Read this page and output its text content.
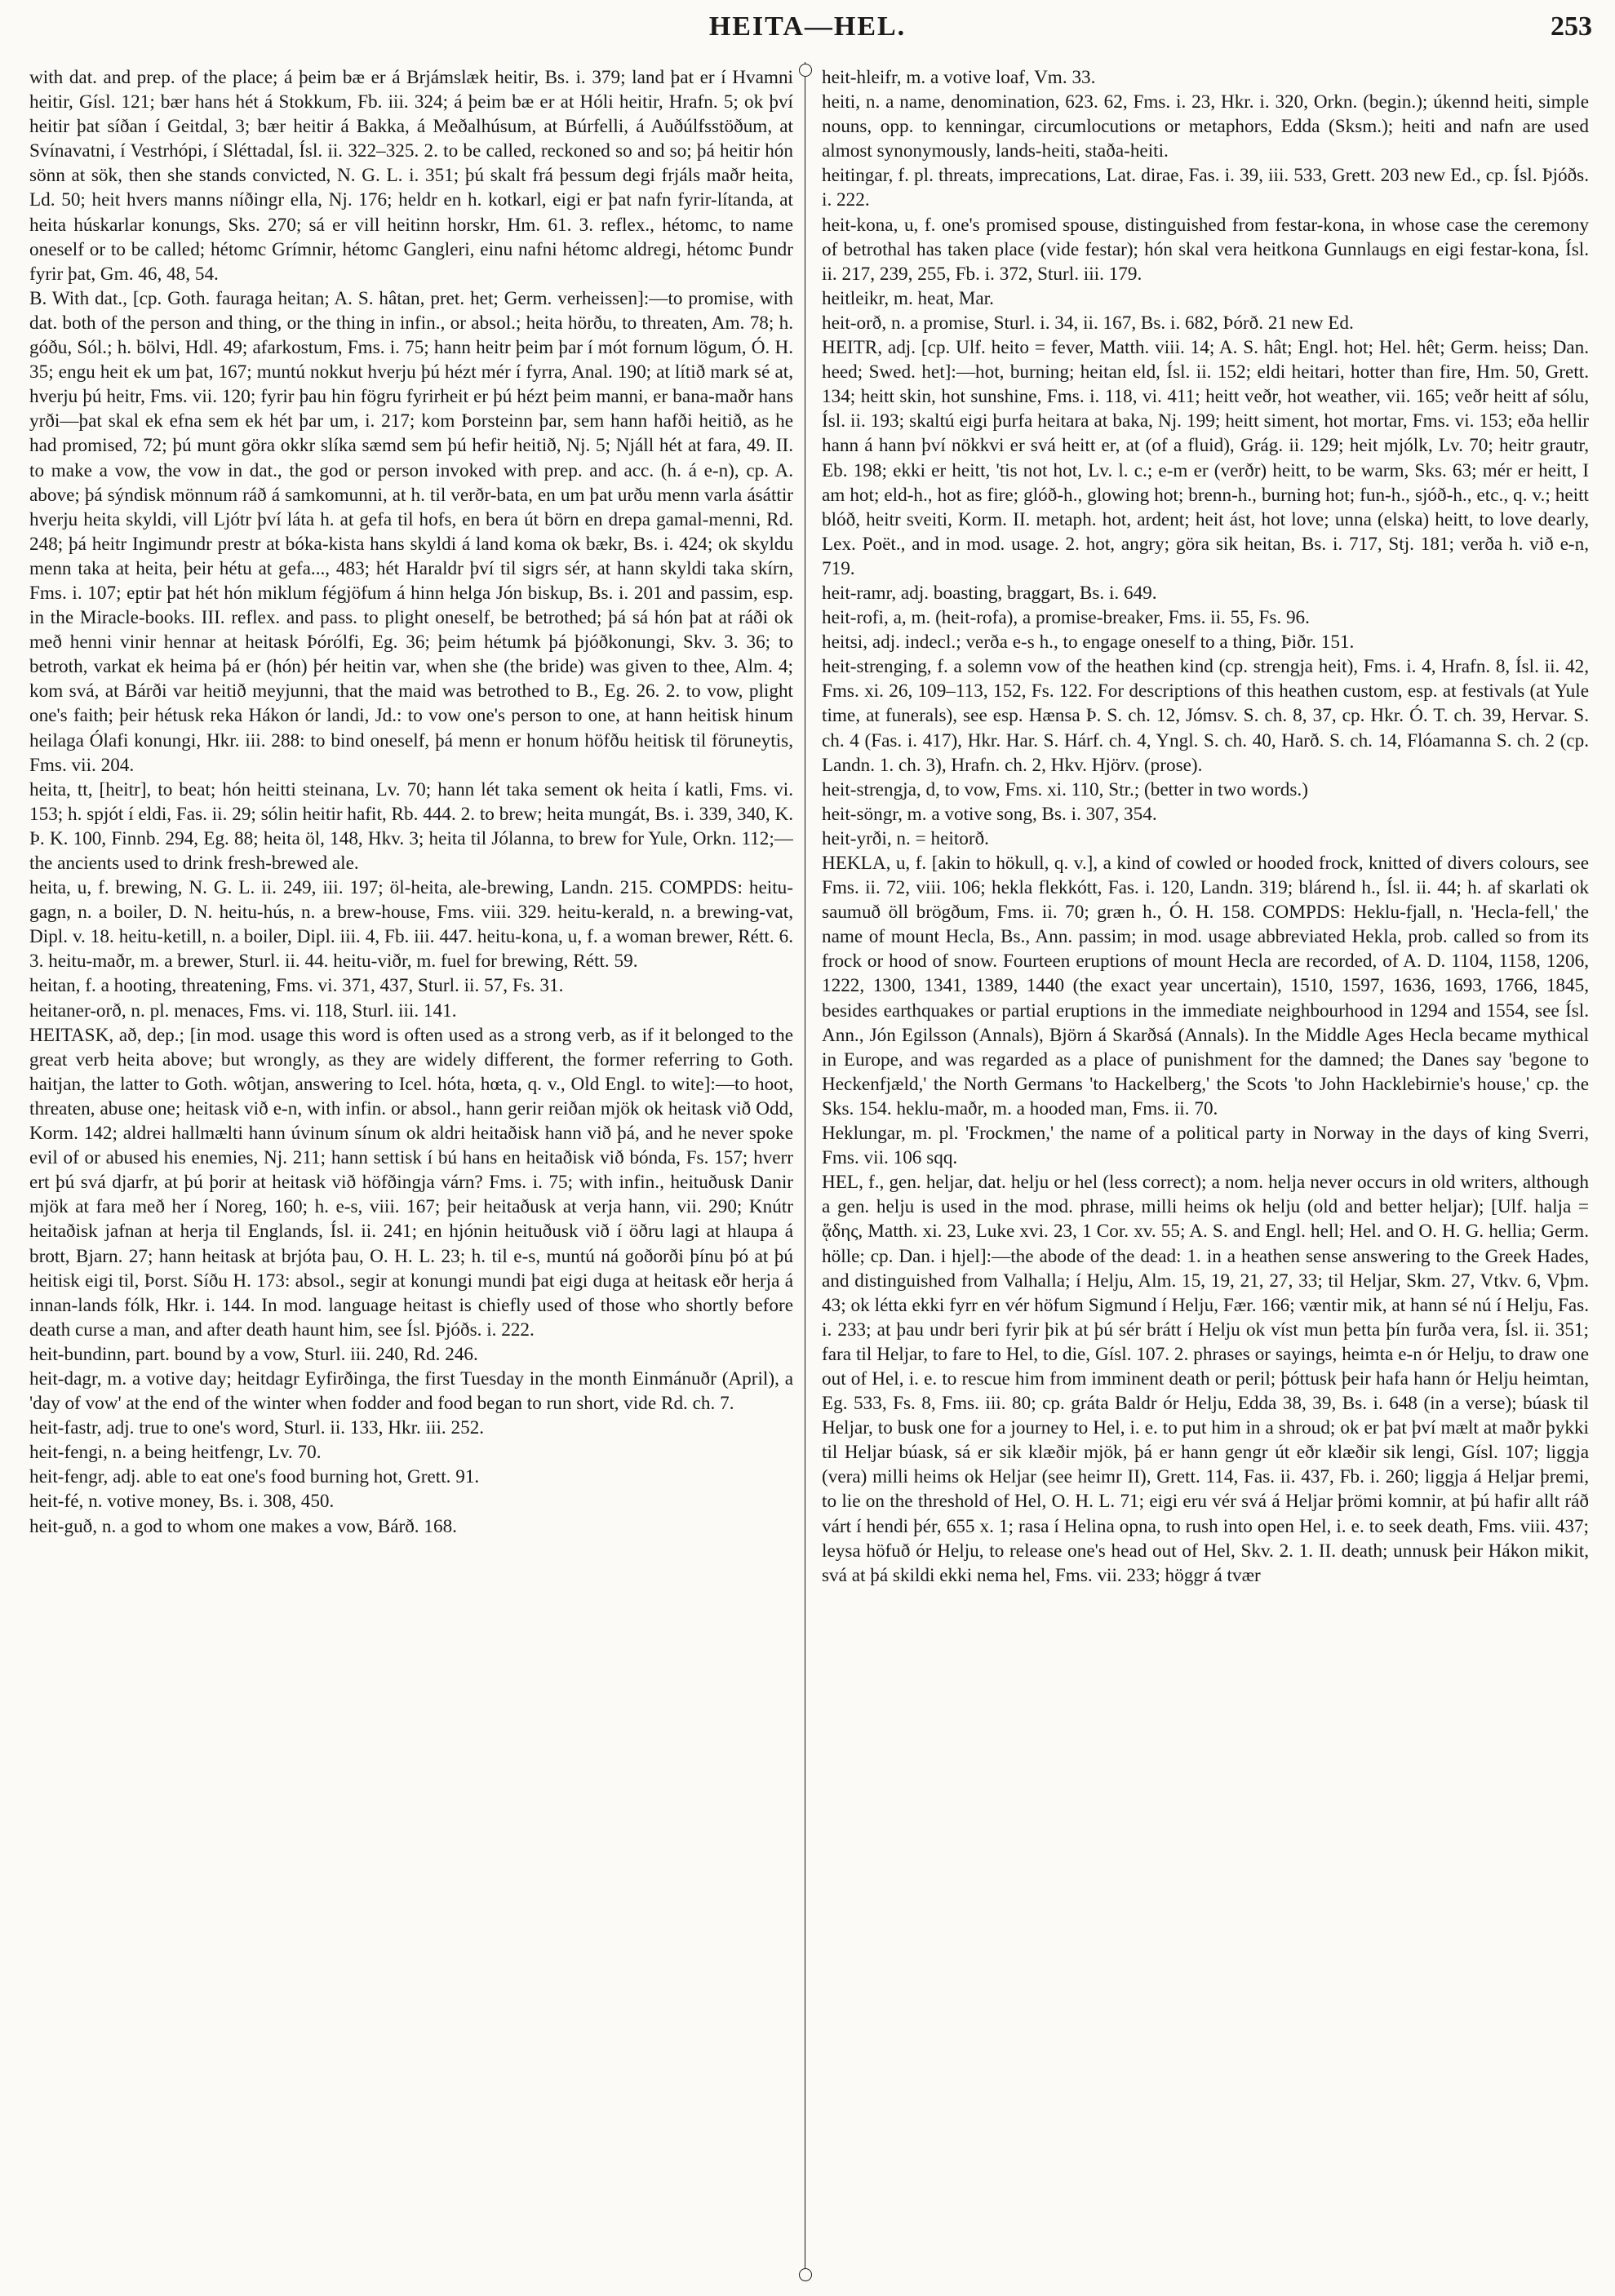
HEITA—HEL.	253

with dat. and prep. of the place; á þeim bæ er á Brjámslæk heitir, Bs. i. 379; land þat er í Hvamni heitir, Gísl. 121; bær hans hét á Stokkum, Fb. iii. 324; á þeim bæ er at Hóli heitir, Hrafn. 5; ok því heitir þat síðan í Geitdal, 3; bær heitir á Bakka, á Meðalhúsum, at Búrfelli, á Auðúlfsstöðum, at Svínavatni, í Vestrhópi, í Sléttadal, Ísl. ii. 322–325. 2. to be called, reckoned so and so; þá heitir hón sönn at sök, then she stands convicted, N. G. L. i. 351; þú skalt frá þessum degi frjáls maðr heita, Ld. 50; heit hvers manns níðingr ella, Nj. 176; heldr en h. kotkarl, eigi er þat nafn fyrir-lítanda, at heita húskarlar konungs, Sks. 270; sá er vill heitinn horskr, Hm. 61. 3. reflex., hétomc, to name oneself or to be called; hétomc Grímnir, hétomc Gangleri, einu nafni hétomc aldregi, hétomc Þundr fyrir þat, Gm. 46, 48, 54.

B. With dat., [cp. Goth. fauraga heitan; A. S. hâtan, pret. het; Germ. verheissen]:—to promise, with dat. both of the person and thing, or the thing in infin., or absol.; heita hörðu, to threaten, Am. 78; h. góðu, Sól.; h. bölvi, Hdl. 49; afarkostum, Fms. i. 75; hann heitr þeim þar í mót fornum lögum, Ó. H. 35; engu heit ek um þat, 167; muntú nokkut hverju þú hézt mér í fyrra, Anal. 190; at lítið mark sé at, hverju þú heitr, Fms. vii. 120; fyrir þau hin fögru fyrirheit er þú hézt þeim manni, er bana-maðr hans yrði—þat skal ek efna sem ek hét þar um, i. 217; kom Þorsteinn þar, sem hann hafði heitið, as he had promised, 72; þú munt göra okkr slíka sæmd sem þú hefir heitið, Nj. 5; Njáll hét at fara, 49. II. to make a vow, the vow in dat., the god or person invoked with prep. and acc. (h. á e-n), cp. A. above; þá sýndisk mönnum ráð á samkomunni, at h. til verðr-bata, en um þat urðu menn varla ásáttir hverju heita skyldi, vill Ljótr því láta h. at gefa til hofs, en bera út börn en drepa gamal-menni, Rd. 248; þá heitr Ingimundr prestr at bóka-kista hans skyldi á land koma ok bækr, Bs. i. 424; ok skyldu menn taka at heita, þeir hétu at gefa..., 483; hét Haraldr því til sigrs sér, at hann skyldi taka skírn, Fms. i. 107; eptir þat hét hón miklum fégjöfum á hinn helga Jón biskup, Bs. i. 201 and passim, esp. in the Miracle-books. III. reflex. and pass. to plight oneself, be betrothed; þá sá hón þat at ráði ok með henni vinir hennar at heitask Þórólfi, Eg. 36; þeim hétumk þá þjóðkonungi, Skv. 3. 36; to betroth, varkat ek heima þá er (hón) þér heitin var, when she (the bride) was given to thee, Alm. 4; kom svá, at Bárði var heitið meyjunni, that the maid was betrothed to B., Eg. 26. 2. to vow, plight one's faith; þeir hétusk reka Hákon ór landi, Jd.: to vow one's person to one, at hann heitisk hinum heilaga Ólafi konungi, Hkr. iii. 288: to bind oneself, þá menn er honum höfðu heitisk til föruneytis, Fms. vii. 204.

heita, tt, [heitr], to beat; hón heitti steinana, Lv. 70; hann lét taka sement ok heita í katli, Fms. vi. 153; h. spjót í eldi, Fas. ii. 29; sólin heitir hafit, Rb. 444. 2. to brew; heita mungát, Bs. i. 339, 340, K. Þ. K. 100, Finnb. 294, Eg. 88; heita öl, 148, Hkv. 3; heita til Jólanna, to brew for Yule, Orkn. 112;—the ancients used to drink fresh-brewed ale.

heita, u, f. brewing, N. G. L. ii. 249, iii. 197; öl-heita, ale-brewing, Landn. 215. COMPDS: heitu-gagn, n. a boiler, D. N. heitu-hús, n. a brew-house, Fms. viii. 329. heitu-kerald, n. a brewing-vat, Dipl. v. 18. heitu-ketill, n. a boiler, Dipl. iii. 4, Fb. iii. 447. heitu-kona, u, f. a woman brewer, Rétt. 6. 3. heitu-maðr, m. a brewer, Sturl. ii. 44. heitu-viðr, m. fuel for brewing, Rétt. 59.

heitan, f. a hooting, threatening, Fms. vi. 371, 437, Sturl. ii. 57, Fs. 31.

heitaner-orð, n. pl. menaces, Fms. vi. 118, Sturl. iii. 141.

HEITASK, að, dep.; [in mod. usage this word is often used as a strong verb, as if it belonged to the great verb heita above; but wrongly, as they are widely different, the former referring to Goth. haitjan, the latter to Goth. wôtjan, answering to Icel. hóta, hœta, q. v., Old Engl. to wite]:—to hoot, threaten, abuse one; heitask við e-n, with infin. or absol., hann gerir reiðan mjök ok heitask við Odd, Korm. 142; aldrei hallmælti hann úvinum sínum ok aldri heitaðisk hann við þá, and he never spoke evil of or abused his enemies, Nj. 211; hann settisk í bú hans en heitaðisk við bónda, Fs. 157; hverr ert þú svá djarfr, at þú þorir at heitask við höfðingja várn? Fms. i. 75; with infin., heituðusk Danir mjök at fara með her í Noreg, 160; h. e-s, viii. 167; þeir heitaðusk at verja hann, vii. 290; Knútr heitaðisk jafnan at herja til Englands, Ísl. ii. 241; en hjónin heituðusk við í öðru lagi at hlaupa á brott, Bjarn. 27; hann heitask at brjóta þau, O. H. L. 23; h. til e-s, muntú ná goðorði þínu þó at þú heitisk eigi til, Þorst. Síðu H. 173: absol., segir at konungi mundi þat eigi duga at heitask eðr herja á innan-lands fólk, Hkr. i. 144. In mod. language heitast is chiefly used of those who shortly before death curse a man, and after death haunt him, see Ísl. Þjóðs. i. 222.

heit-bundinn, part. bound by a vow, Sturl. iii. 240, Rd. 246.

heit-dagr, m. a votive day; heitdagr Eyfirðinga, the first Tuesday in the month Einmánuðr (April), a 'day of vow' at the end of the winter when fodder and food began to run short, vide Rd. ch. 7.

heit-fastr, adj. true to one's word, Sturl. ii. 133, Hkr. iii. 252.

heit-fengi, n. a being heitfengr, Lv. 70.

heit-fengr, adj. able to eat one's food burning hot, Grett. 91.

heit-fé, n. votive money, Bs. i. 308, 450.

heit-guð, n. a god to whom one makes a vow, Bárð. 168.

heit-hleifr, m. a votive loaf, Vm. 33.

heiti, n. a name, denomination, 623. 62, Fms. i. 23, Hkr. i. 320, Orkn. (begin.); úkennd heiti, simple nouns, opp. to kenningar, circumlocutions or metaphors, Edda (Sksm.); heiti and nafn are used almost synonymously, lands-heiti, staða-heiti.

heitingar, f. pl. threats, imprecations, Lat. dirae, Fas. i. 39, iii. 533, Grett. 203 new Ed., cp. Ísl. Þjóðs. i. 222.

heit-kona, u, f. one's promised spouse, distinguished from festar-kona, in whose case the ceremony of betrothal has taken place (vide festar); hón skal vera heitkona Gunnlaugs en eigi festar-kona, Ísl. ii. 217, 239, 255, Fb. i. 372, Sturl. iii. 179.

heitleikr, m. heat, Mar.

heit-orð, n. a promise, Sturl. i. 34, ii. 167, Bs. i. 682, Þórð. 21 new Ed.

HEITR, adj. [cp. Ulf. heito = fever, Matth. viii. 14; A. S. hât; Engl. hot; Hel. hêt; Germ. heiss; Dan. heed; Swed. het]:—hot, burning; heitan eld, Ísl. ii. 152; eldi heitari, hotter than fire, Hm. 50, Grett. 134; heitt skin, hot sunshine, Fms. i. 118, vi. 411; heitt veðr, hot weather, vii. 165; veðr heitt af sólu, Ísl. ii. 193; skaltú eigi þurfa heitara at baka, Nj. 199; heitt siment, hot mortar, Fms. vi. 153; eða hellir hann á hann því nökkvi er svá heitt er, at (of a fluid), Grág. ii. 129; heit mjólk, Lv. 70; heitr grautr, Eb. 198; ekki er heitt, 'tis not hot, Lv. l. c.; e-m er (verðr) heitt, to be warm, Sks. 63; mér er heitt, I am hot; eld-h., hot as fire; glóð-h., glowing hot; brenn-h., burning hot; fun-h., sjóð-h., etc., q. v.; heitt blóð, heitr sveiti, Korm. II. metaph. hot, ardent; heit ást, hot love; unna (elska) heitt, to love dearly, Lex. Poët., and in mod. usage. 2. hot, angry; göra sik heitan, Bs. i. 717, Stj. 181; verða h. við e-n, 719.

heit-ramr, adj. boasting, braggart, Bs. i. 649.

heit-rofi, a, m. (heit-rofa), a promise-breaker, Fms. ii. 55, Fs. 96.

heitsi, adj. indecl.; verða e-s h., to engage oneself to a thing, Þiðr. 151.

heit-strenging, f. a solemn vow of the heathen kind (cp. strengja heit), Fms. i. 4, Hrafn. 8, Ísl. ii. 42, Fms. xi. 26, 109–113, 152, Fs. 122. For descriptions of this heathen custom, esp. at festivals (at Yule time, at funerals), see esp. Hænsa Þ. S. ch. 12, Jómsv. S. ch. 8, 37, cp. Hkr. Ó. T. ch. 39, Hervar. S. ch. 4 (Fas. i. 417), Hkr. Har. S. Hárf. ch. 4, Yngl. S. ch. 40, Harð. S. ch. 14, Flóamanna S. ch. 2 (cp. Landn. 1. ch. 3), Hrafn. ch. 2, Hkv. Hjörv. (prose).

heit-strengja, d, to vow, Fms. xi. 110, Str.; (better in two words.)

heit-söngr, m. a votive song, Bs. i. 307, 354.

heit-yrði, n. = heitorð.

HEKLA, u, f. [akin to hökull, q. v.], a kind of cowled or hooded frock, knitted of divers colours, see Fms. ii. 72, viii. 106; hekla flekkótt, Fas. i. 120, Landn. 319; blárend h., Ísl. ii. 44; h. af skarlati ok saumuð öll brögðum, Fms. ii. 70; græn h., Ó. H. 158. COMPDS: Heklu-fjall, n. 'Hecla-fell,' the name of mount Hecla, Bs., Ann. passim; in mod. usage abbreviated Hekla, prob. called so from its frock or hood of snow. Fourteen eruptions of mount Hecla are recorded, of A. D. 1104, 1158, 1206, 1222, 1300, 1341, 1389, 1440 (the exact year uncertain), 1510, 1597, 1636, 1693, 1766, 1845, besides earthquakes or partial eruptions in the immediate neighbourhood in 1294 and 1554, see Ísl. Ann., Jón Egilsson (Annals), Björn á Skarðsá (Annals). In the Middle Ages Hecla became mythical in Europe, and was regarded as a place of punishment for the damned; the Danes say 'begone to Heckenfjæld,' the North Germans 'to Hackelberg,' the Scots 'to John Hacklebirnie's house,' cp. the Sks. 154. heklu-maðr, m. a hooded man, Fms. ii. 70.

Heklungar, m. pl. 'Frockmen,' the name of a political party in Norway in the days of king Sverri, Fms. vii. 106 sqq.

HEL, f., gen. heljar, dat. helju or hel (less correct); a nom. helja never occurs in old writers, although a gen. helju is used in the mod. phrase, milli heims ok helju (old and better heljar); [Ulf. halja = ᾅδης, Matth. xi. 23, Luke xvi. 23, 1 Cor. xv. 55; A. S. and Engl. hell; Hel. and O. H. G. hellia; Germ. hölle; cp. Dan. i hjel]:—the abode of the dead: 1. in a heathen sense answering to the Greek Hades, and distinguished from Valhalla; í Helju, Alm. 15, 19, 21, 27, 33; til Heljar, Skm. 27, Vtkv. 6, Vþm. 43; ok létta ekki fyrr en vér höfum Sigmund í Helju, Fær. 166; væntir mik, at hann sé nú í Helju, Fas. i. 233; at þau undr beri fyrir þik at þú sér brátt í Helju ok víst mun þetta þín furða vera, Ísl. ii. 351; fara til Heljar, to fare to Hel, to die, Gísl. 107. 2. phrases or sayings, heimta e-n ór Helju, to draw one out of Hel, i. e. to rescue him from imminent death or peril; þóttusk þeir hafa hann ór Helju heimtan, Eg. 533, Fs. 8, Fms. iii. 80; cp. gráta Baldr ór Helju, Edda 38, 39, Bs. i. 648 (in a verse); búask til Heljar, to busk one for a journey to Hel, i. e. to put him in a shroud; ok er þat því mælt at maðr þykki til Heljar búask, sá er sik klæðir mjök, þá er hann gengr út eðr klæðir sik lengi, Gísl. 107; liggja (vera) milli heims ok Heljar (see heimr II), Grett. 114, Fas. ii. 437, Fb. i. 260; liggja á Heljar þremi, to lie on the threshold of Hel, O. H. L. 71; eigi eru vér svá á Heljar þrömi komnir, at þú hafir allt ráð várt í hendi þér, 655 x. 1; rasa í Helina opna, to rush into open Hel, i. e. to seek death, Fms. viii. 437; leysa höfuð ór Helju, to release one's head out of Hel, Skv. 2. 1. II. death; unnusk þeir Hákon mikit, svá at þá skildi ekki nema hel, Fms. vii. 233; höggr á tvær
